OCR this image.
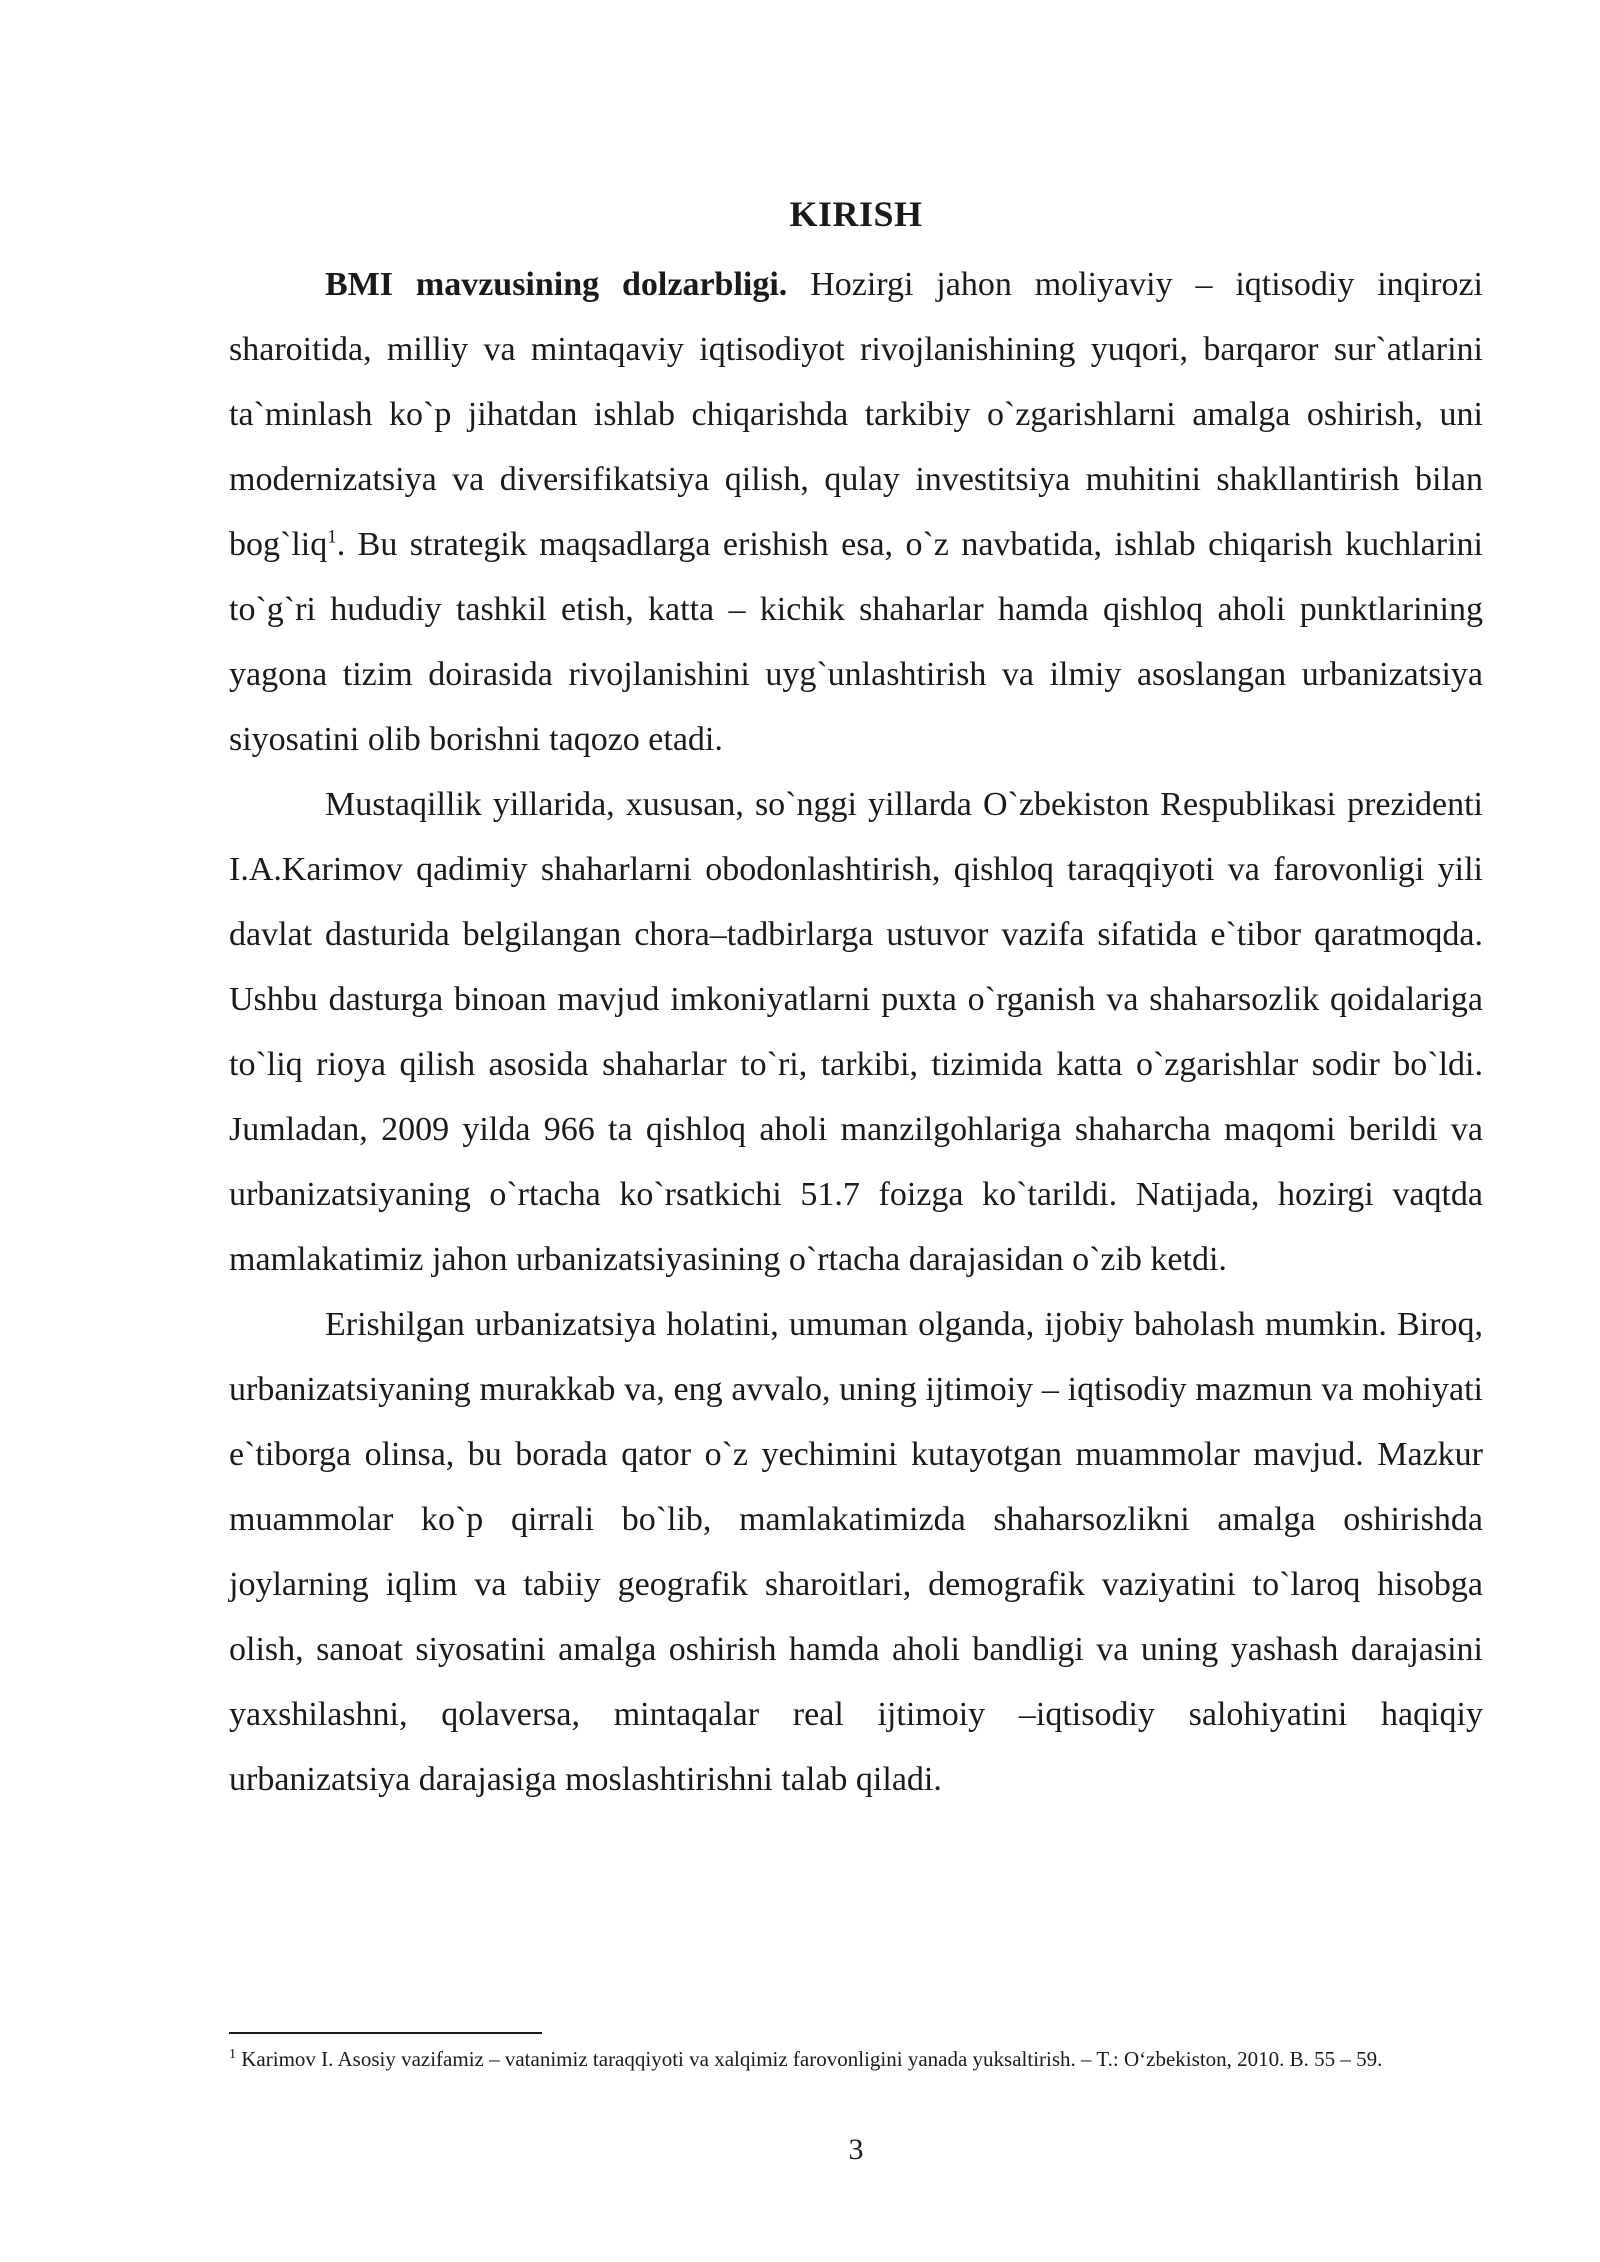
KIRISH

BMI mavzusining dolzarbligi. Hozirgi jahon moliyaviy – iqtisodiy inqirozi sharoitida, milliy va mintaqaviy iqtisodiyot rivojlanishining yuqori, barqaror sur`atlarini ta`minlash ko`p jihatdan ishlab chiqarishda tarkibiy o`zgarishlarni amalga oshirish, uni modernizatsiya va diversifikatsiya qilish, qulay investitsiya muhitini shakllantirish bilan bog`liq$^1$. Bu strategik maqsadlarga erishish esa, o`z navbatida, ishlab chiqarish kuchlarini to`g`ri hududiy tashkil etish, katta – kichik shaharlar hamda qishloq aholi punktlarining yagona tizim doirasida rivojlanishini uyg`unlashtirish va ilmiy asoslangan urbanizatsiya siyosatini olib borishni taqozo etadi.

Mustaqillik yillarida, xususan, so`nggi yillarda O`zbekiston Respublikasi prezidenti I.A.Karimov qadimiy shaharlarni obodonlashtirish, qishloq taraqqiyoti va farovonligi yili davlat dasturida belgilangan chora–tadbirlarga ustuvor vazifa sifatida e`tibor qaratmoqda. Ushbu dasturga binoan mavjud imkoniyatlarni puxta o`rganish va shaharsozlik qoidalariga to`liq rioya qilish asosida shaharlar to`ri, tarkibi, tizimida katta o`zgarishlar sodir bo`ldi. Jumladan, 2009 yilda 966 ta qishloq aholi manzilgohlariga shaharcha maqomi berildi va urbanizatsiyaning o`rtacha ko`rsatkichi 51.7 foizga ko`tarildi. Natijada, hozirgi vaqtda mamlakatimiz jahon urbanizatsiyasining o`rtacha darajasidan o`zib ketdi.

Erishilgan urbanizatsiya holatini, umuman olganda, ijobiy baholash mumkin. Biroq, urbanizatsiyaning murakkab va, eng avvalo, uning ijtimoiy – iqtisodiy mazmun va mohiyati e`tiborga olinsa, bu borada qator o`z yechimini kutayotgan muammolar mavjud. Mazkur muammolar ko`p qirrali bo`lib, mamlakatimizda shaharsozlikni amalga oshirishda joylarning iqlim va tabiiy geografik sharoitlari, demografik vaziyatini to`laroq hisobga olish, sanoat siyosatini amalga oshirish hamda aholi bandligi va uning yashash darajasini yaxshilashni, qolaversa, mintaqalar real ijtimoiy –iqtisodiy salohiyatini haqiqiy urbanizatsiya darajasiga moslashtirishni talab qiladi.

$^1$ Karimov I. Asosiy vazifamiz – vatanimiz taraqqiyoti va xalqimiz farovonligini yanada yuksaltirish. – T.: O‘zbekiston, 2010. B. 55 – 59.
3
